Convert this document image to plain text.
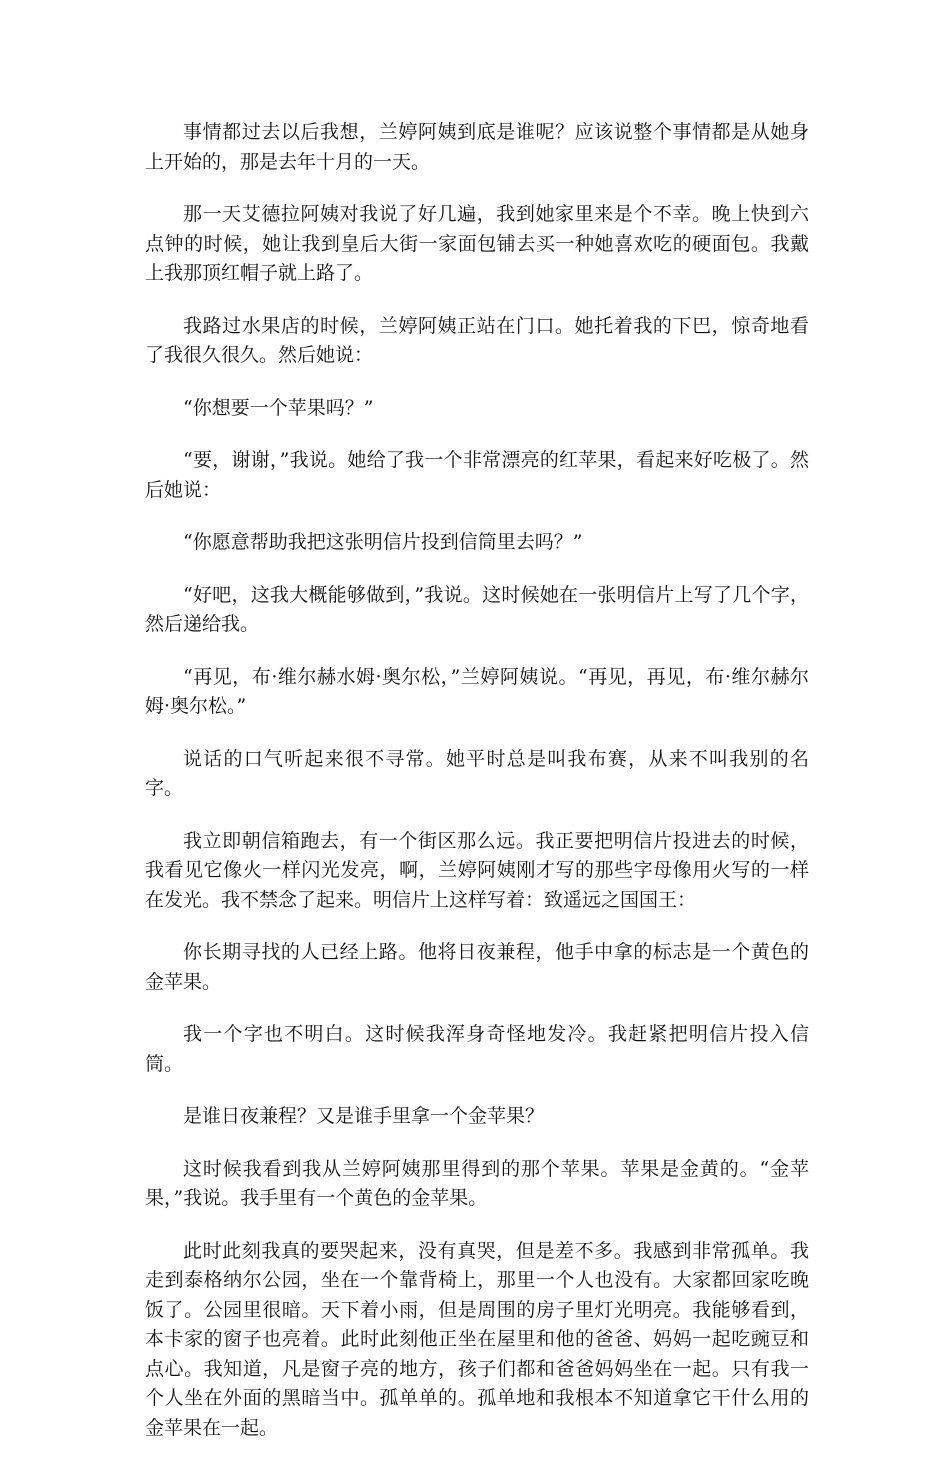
事情都过去以后我想，兰婷阿姨到底是谁呢？应该说整个事情都是从她身上开始的，那是去年十月的一天。

那一天艾德拉阿姨对我说了好几遍，我到她家里来是个不幸。晚上快到六点钟的时候，她让我到皇后大街一家面包铺去买一种她喜欢吃的硬面包。我戴上我那顶红帽子就上路了。

我路过水果店的时候，兰婷阿姨正站在门口。她托着我的下巴，惊奇地看了我很久很久。然后她说：

“你想要一个苹果吗？”

“要，谢谢，”我说。她给了我一个非常漂亮的红苹果，看起来好吃极了。然后她说：

“你愿意帮助我把这张明信片投到信筒里去吗？”

“好吧，这我大概能够做到，”我说。这时候她在一张明信片上写了几个字，然后递给我。

“再见，布·维尔赫水姆·奥尔松，”兰婷阿姨说。“再见，再见，布·维尔赫尔姆·奥尔松。”

说话的口气听起来很不寻常。她平时总是叫我布赛，从来不叫我别的名字。

我立即朝信箱跑去，有一个街区那么远。我正要把明信片投进去的时候，我看见它像火一样闪光发亮，啊，兰婷阿姨刚才写的那些字母像用火写的一样在发光。我不禁念了起来。明信片上这样写着：致遥远之国国王：

你长期寻找的人已经上路。他将日夜兼程，他手中拿的标志是一个黄色的金苹果。

我一个字也不明白。这时候我浑身奇怪地发冷。我赶紧把明信片投入信筒。

是谁日夜兼程？又是谁手里拿一个金苹果？

这时候我看到我从兰婷阿姨那里得到的那个苹果。苹果是金黄的。“金苹果，”我说。我手里有一个黄色的金苹果。

此时此刻我真的要哭起来，没有真哭，但是差不多。我感到非常孤单。我走到泰格纳尔公园，坐在一个靠背椅上，那里一个人也没有。大家都回家吃晚饭了。公园里很暗。天下着小雨，但是周围的房子里灯光明亮。我能够看到，本卡家的窗子也亮着。此时此刻他正坐在屋里和他的爸爸、妈妈一起吃豌豆和点心。我知道，凡是窗子亮的地方，孩子们都和爸爸妈妈坐在一起。只有我一个人坐在外面的黑暗当中。孤单单的。孤单地和我根本不知道拿它干什么用的金苹果在一起。
